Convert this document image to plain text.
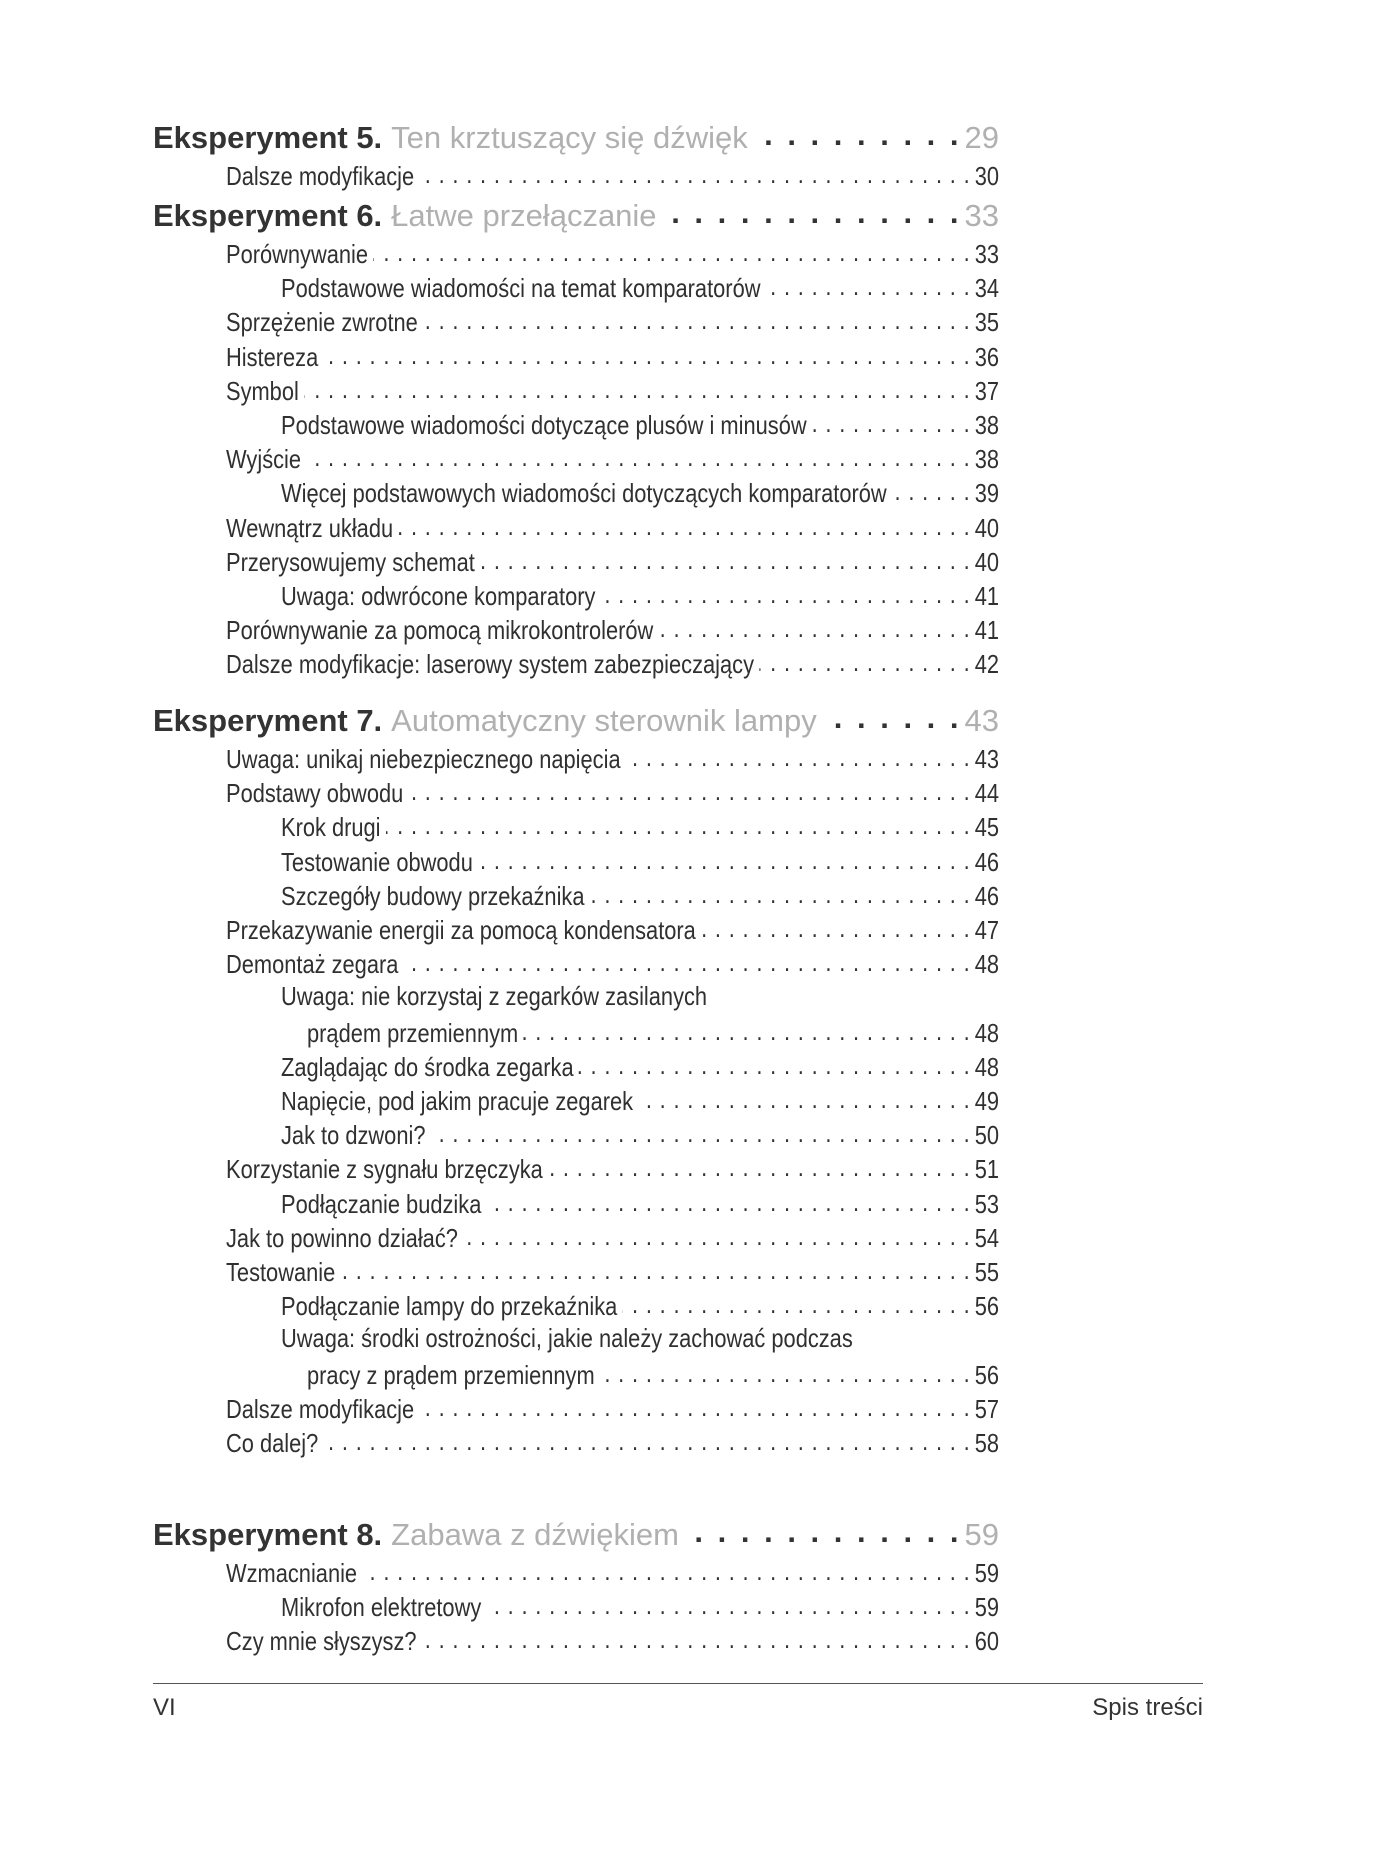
Eksperyment 5. Ten krztuszący się dźwięk . . .	29
Dalsze modyfikacje . . .	30
Eksperyment 6. Łatwe przełączanie . . .	33
Porównywanie . . .	33
Podstawowe wiadomości na temat komparatorów . . .	34
Sprzężenie zwrotne . . .	35
Histereza . . .	36
Symbol . . .	37
Podstawowe wiadomości dotyczące plusów i minusów . . .	38
Wyjście . . .	38
Więcej podstawowych wiadomości dotyczących komparatorów . . .	39
Wewnątrz układu . . .	40
Przerysowujemy schemat . . .	40
Uwaga: odwrócone komparatory . . .	41
Porównywanie za pomocą mikrokontrolerów . . .	41
Dalsze modyfikacje: laserowy system zabezpieczający . . .	42
Eksperyment 7. Automatyczny sterownik lampy . . .	43
Uwaga: unikaj niebezpiecznego napięcia . . .	43
Podstawy obwodu . . .	44
Krok drugi . . .	45
Testowanie obwodu . . .	46
Szczegóły budowy przekaźnika . . .	46
Przekazywanie energii za pomocą kondensatora . . .	47
Demontaż zegara . . .	48
Uwaga: nie korzystaj z zegarków zasilanych
prądem przemiennym . . .	48
Zaglądając do środka zegarka . . .	48
Napięcie, pod jakim pracuje zegarek . . .	49
Jak to dzwoni? . . .	50
Korzystanie z sygnału brzęczyka . . .	51
Podłączanie budzika . . .	53
Jak to powinno działać? . . .	54
Testowanie . . .	55
Podłączanie lampy do przekaźnika . . .	56
Uwaga: środki ostrożności, jakie należy zachować podczas
pracy z prądem przemiennym . . .	56
Dalsze modyfikacje . . .	57
Co dalej? . . .	58
Eksperyment 8. Zabawa z dźwiękiem . . .	59
Wzmacnianie . . .	59
Mikrofon elektretowy . . .	59
Czy mnie słyszysz? . . .	60
VI	Spis treści
